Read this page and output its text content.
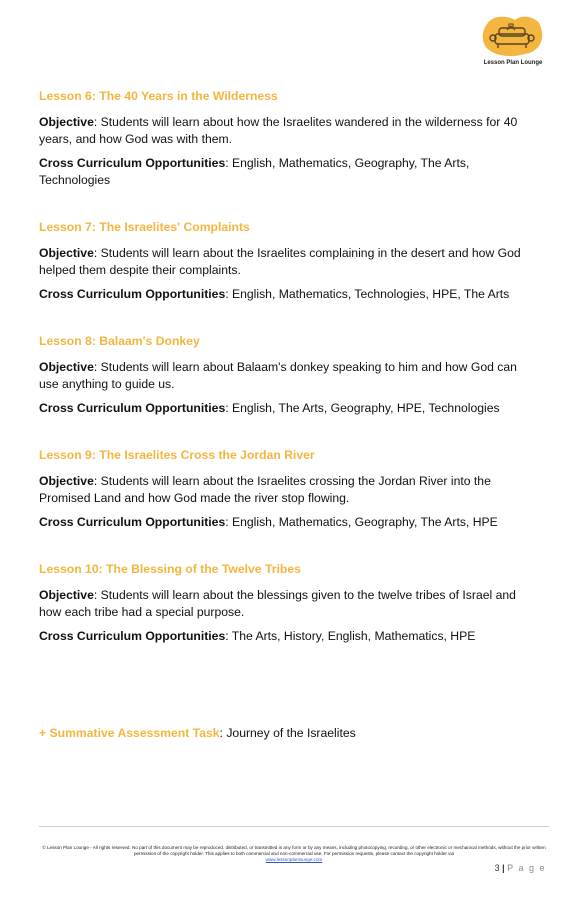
Lesson Plan Lounge
Lesson 6: The 40 Years in the Wilderness

Objective: Students will learn about how the Israelites wandered in the wilderness for 40 years, and how God was with them.

Cross Curriculum Opportunities: English, Mathematics, Geography, The Arts, Technologies

Lesson 7: The Israelites' Complaints

Objective: Students will learn about the Israelites complaining in the desert and how God helped them despite their complaints.

Cross Curriculum Opportunities: English, Mathematics, Technologies, HPE, The Arts

Lesson 8: Balaam's Donkey

Objective: Students will learn about Balaam's donkey speaking to him and how God can use anything to guide us.

Cross Curriculum Opportunities: English, The Arts, Geography, HPE, Technologies

Lesson 9: The Israelites Cross the Jordan River

Objective: Students will learn about the Israelites crossing the Jordan River into the Promised Land and how God made the river stop flowing.

Cross Curriculum Opportunities: English, Mathematics, Geography, The Arts, HPE

Lesson 10: The Blessing of the Twelve Tribes

Objective: Students will learn about the blessings given to the twelve tribes of Israel and how each tribe had a special purpose.

Cross Curriculum Opportunities: The Arts, History, English, Mathematics, HPE

+ Summative Assessment Task: Journey of the Israelites
© Lesson Plan Lounge - All rights reserved. No part of this document may be reproduced, distributed, or transmitted in any form or by any means, including photocopying, recording, or other electronic or mechanical methods, without the prior written permission of the copyright holder. This applies to both commercial and non-commercial use. For permission requests, please contact the copyright holder via
www.lessonplanlounge.com
3 | P a g e
